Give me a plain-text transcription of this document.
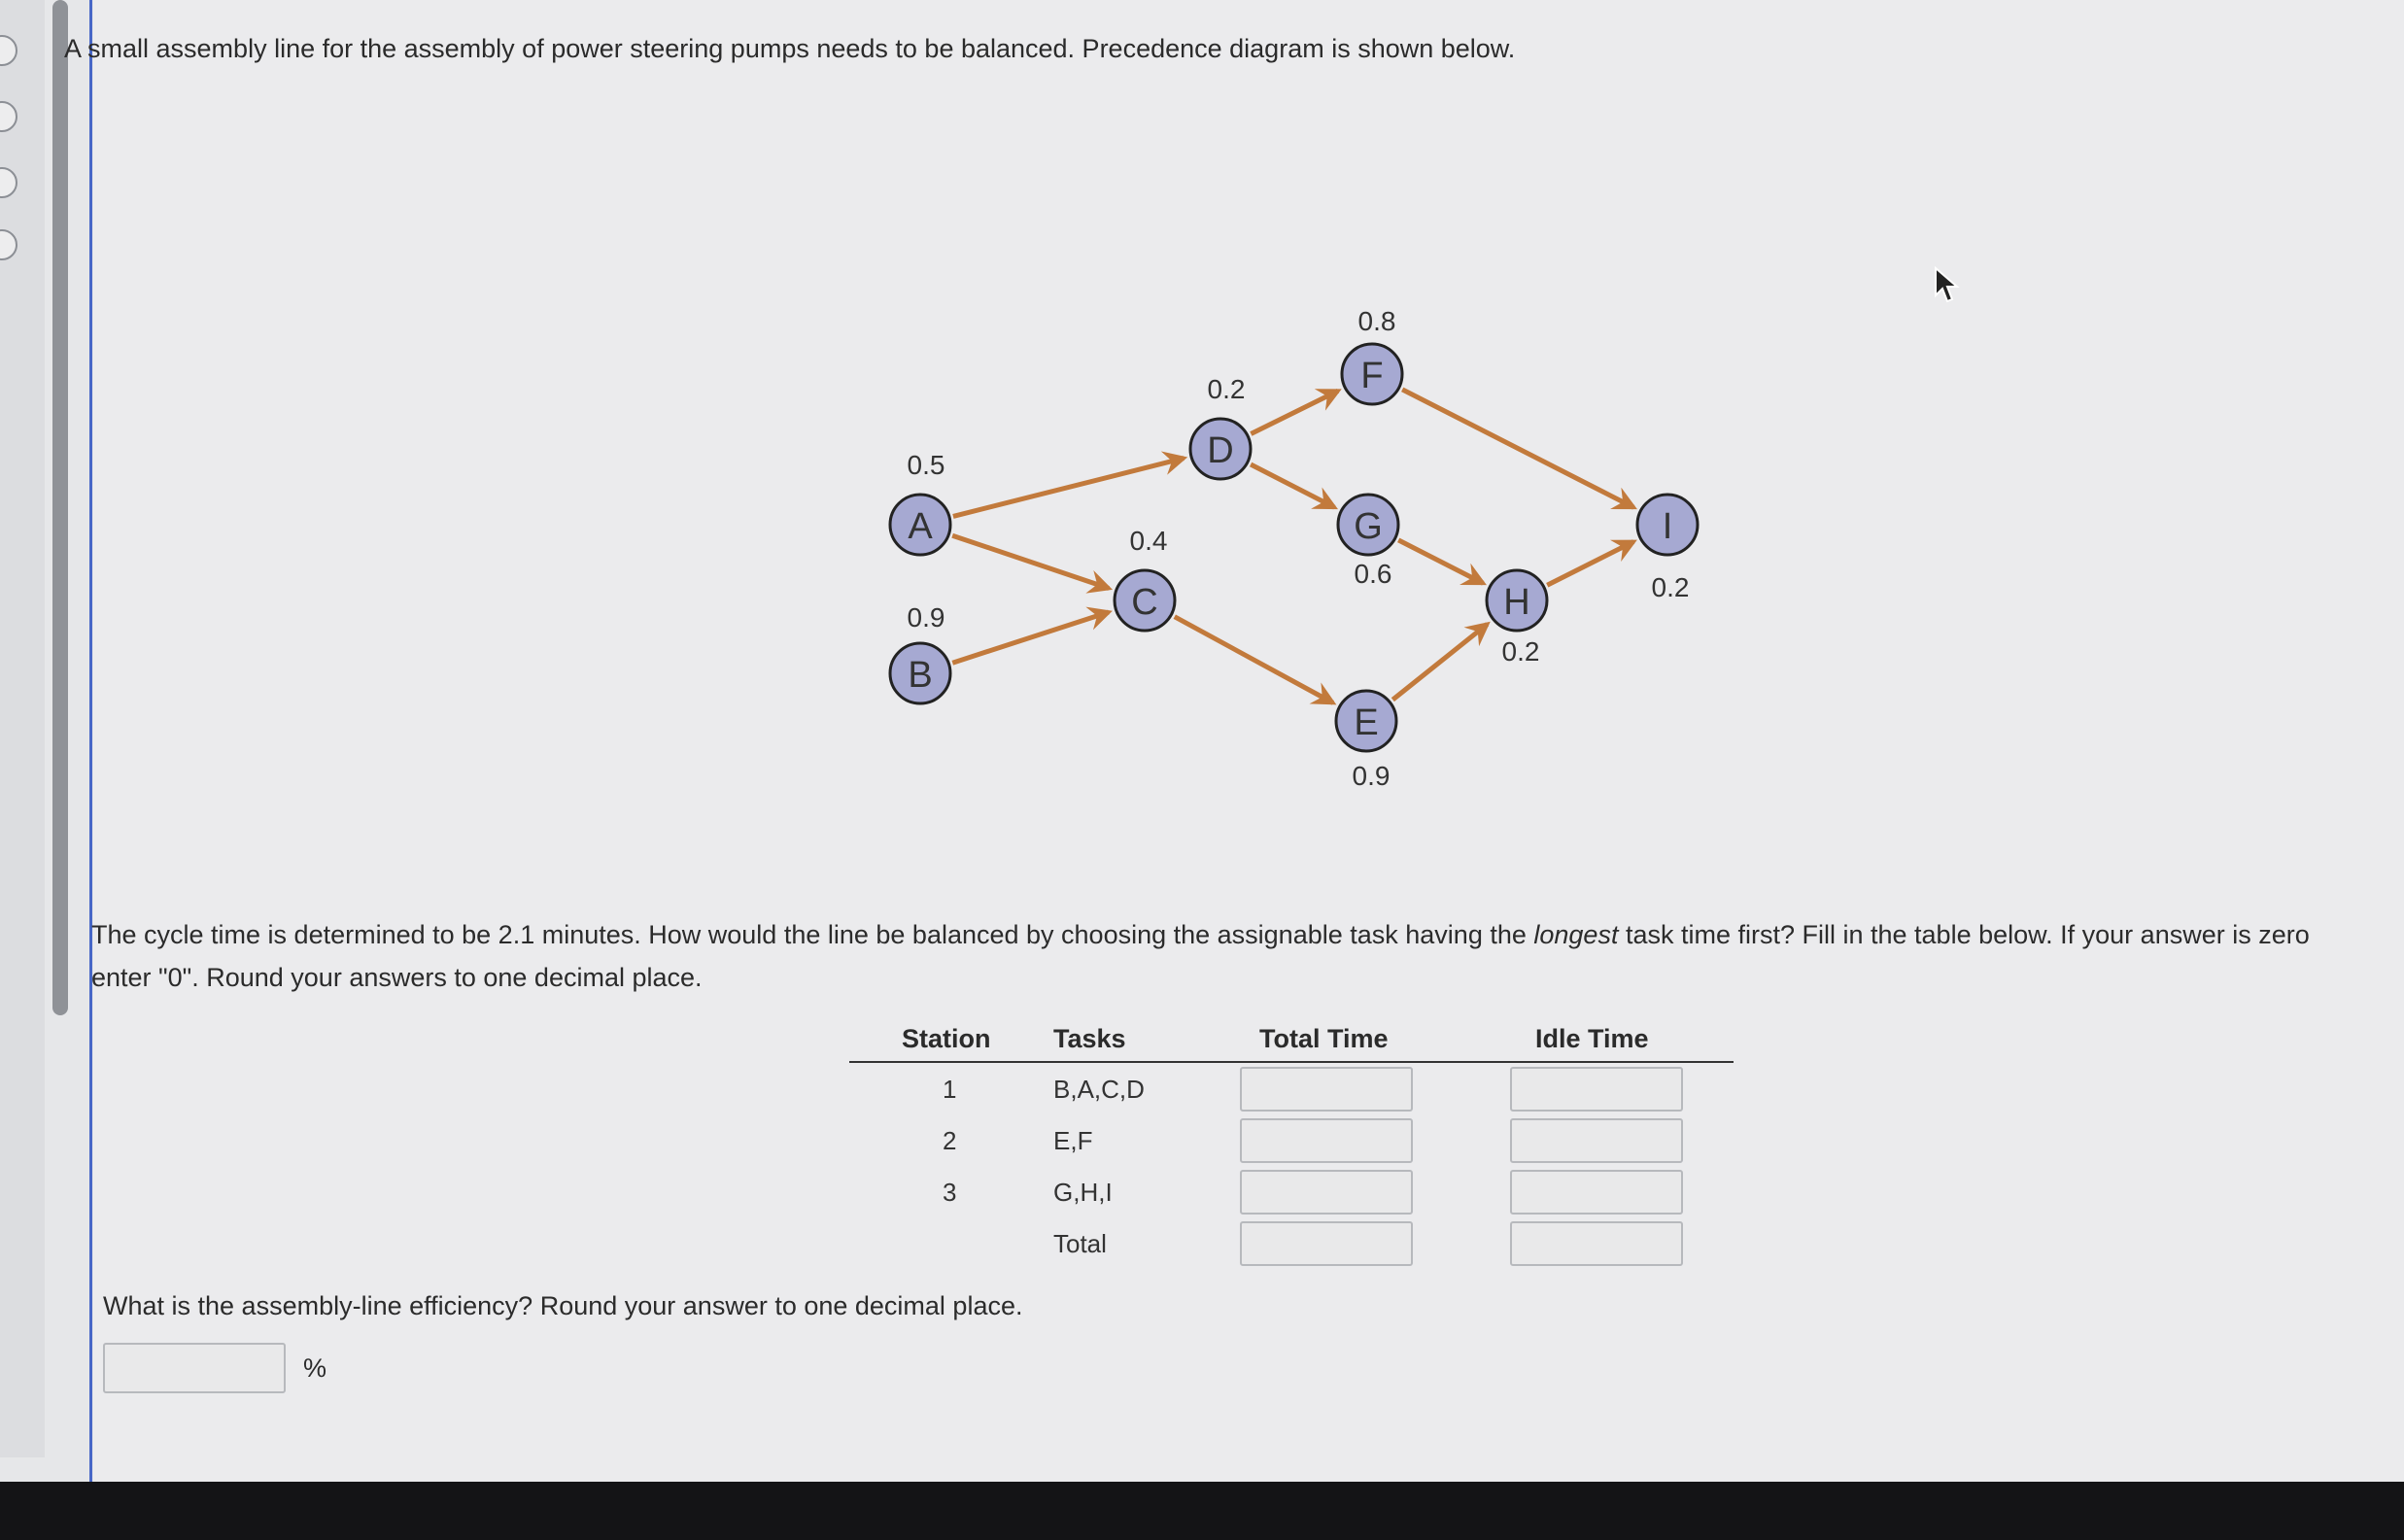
A small assembly line for the assembly of power steering pumps needs to be balanced. Precedence diagram is shown below.
A
0.5
B
0.9	C
0.4
D
0.2
E
0.9
F
0.8
G
0.6
H
0.2
I
0.2
The cycle time is determined to be 2.1 minutes. How would the line be balanced by choosing the assignable task having the longest task time first? Fill in the table below. If your answer is zero
enter "0". Round your answers to one decimal place.
Station Tasks	Total Time	Idle Time
1	B,A,C,D
2	E,F
3	G,H,I
Total
What is the assembly-line efficiency? Round your answer to one decimal place.
%
